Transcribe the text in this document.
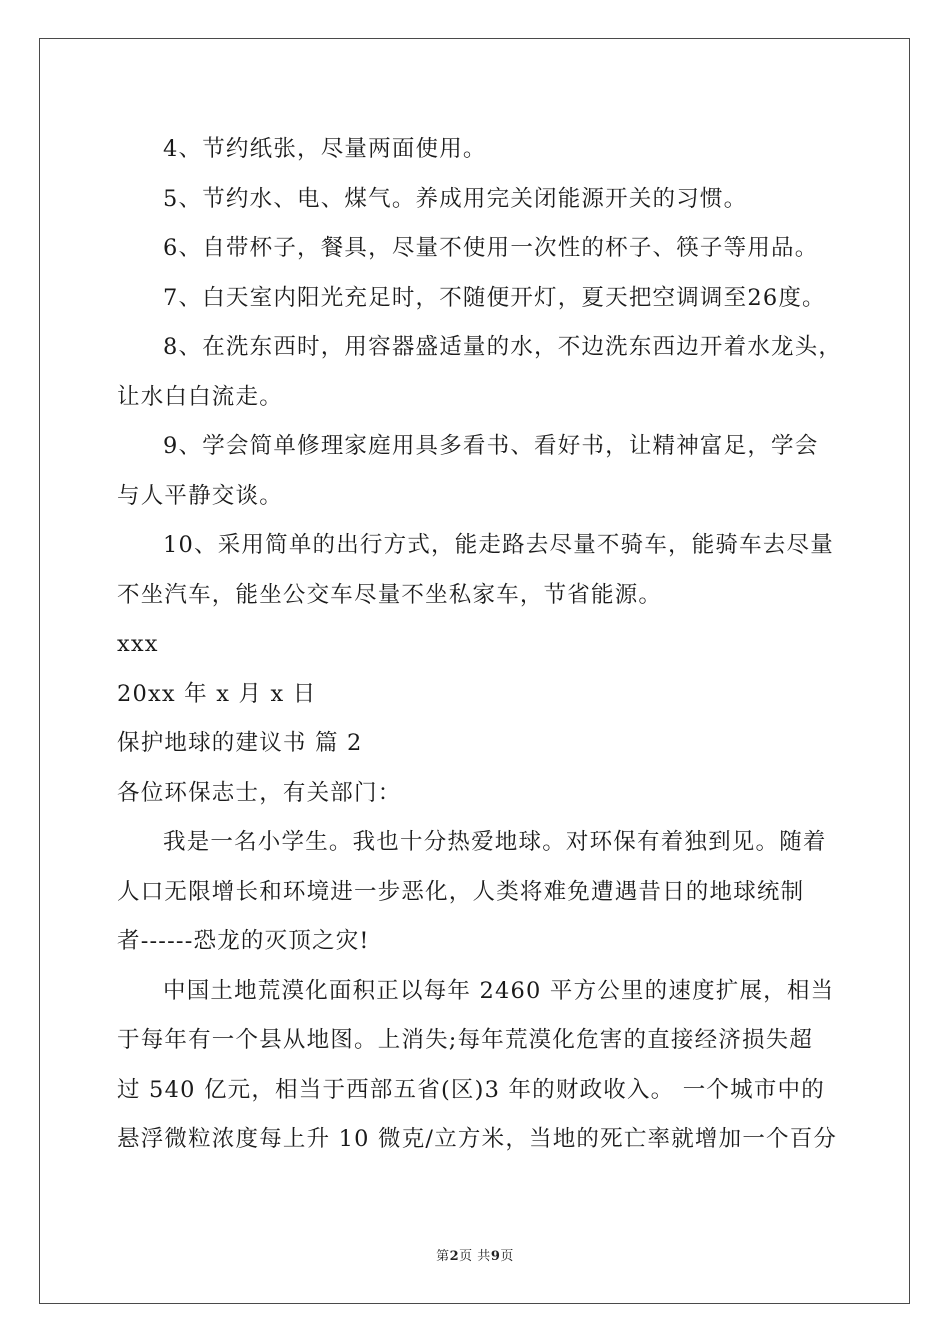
4、节约纸张，尽量两面使用。
5、节约水、电、煤气。养成用完关闭能源开关的习惯。
6、自带杯子，餐具，尽量不使用一次性的杯子、筷子等用品。
7、白天室内阳光充足时，不随便开灯，夏天把空调调至26度。
8、在洗东西时，用容器盛适量的水，不边洗东西边开着水龙头，
让水白白流走。
9、学会简单修理家庭用具多看书、看好书，让精神富足，学会
与人平静交谈。
10、采用简单的出行方式，能走路去尽量不骑车，能骑车去尽量
不坐汽车，能坐公交车尽量不坐私家车，节省能源。
xxx
20xx 年 x 月 x 日
保护地球的建议书 篇 2
各位环保志士，有关部门：
我是一名小学生。我也十分热爱地球。对环保有着独到见。随着
人口无限增长和环境进一步恶化，人类将难免遭遇昔日的地球统制
者------恐龙的灭顶之灾!
中国土地荒漠化面积正以每年 2460 平方公里的速度扩展，相当
于每年有一个县从地图。上消失;每年荒漠化危害的直接经济损失超
过 540 亿元，相当于西部五省(区)3 年的财政收入。 一个城市中的
悬浮微粒浓度每上升 10 微克/立方米，当地的死亡率就增加一个百分
第2页 共9页
